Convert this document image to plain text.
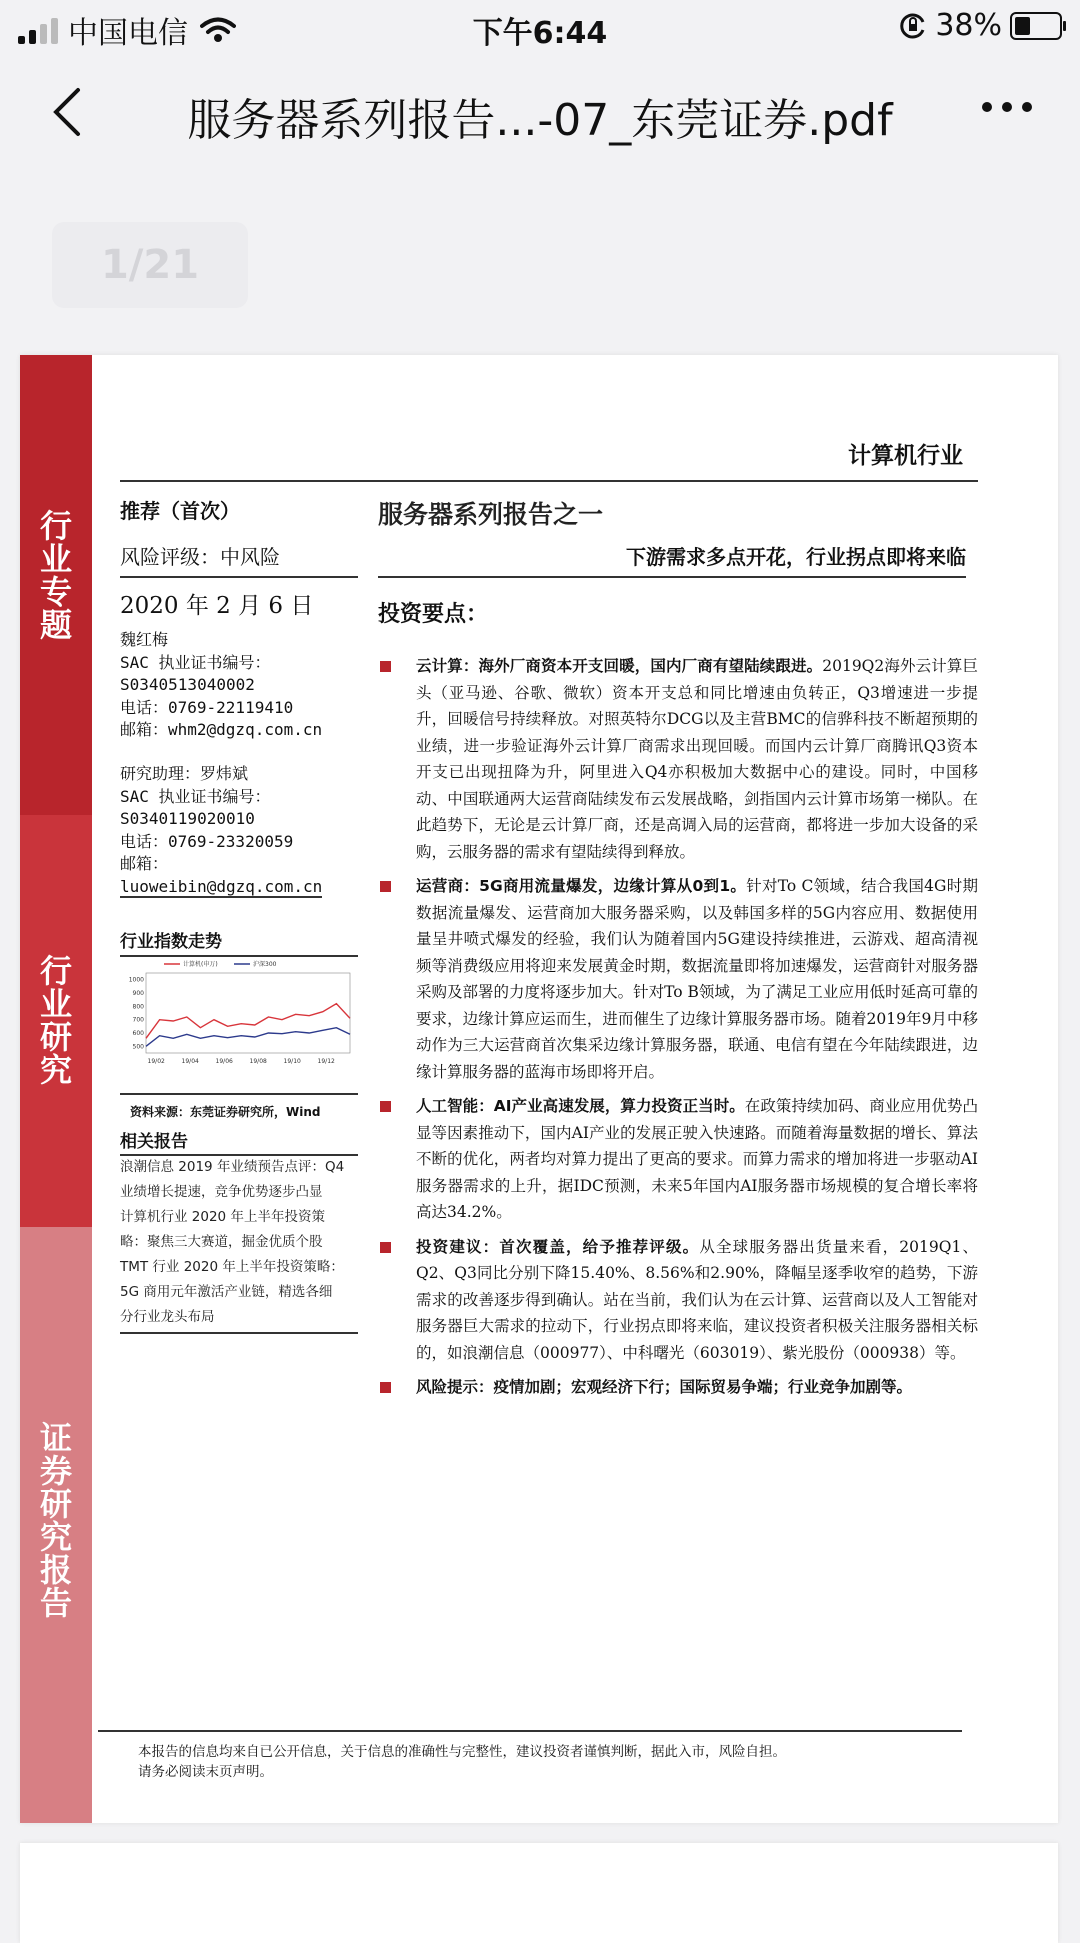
中国电信	下午6:44	38%
服务器系列报告...-07_东莞证券.pdf
1/21
行
业
专
题
行
业
研
究
证
券
研
究
报
告
计算机行业
推荐（首次）
风险评级：中风险
2020 年 2 月 6 日
魏红梅
SAC 执业证书编号：
S0340513040002
电话：0769-22119410
邮箱：whm2@dgzq.com.cn
研究助理：罗炜斌
SAC 执业证书编号：
S0340119020010
电话：0769-23320059
邮箱：
luoweibin@dgzq.com.cn
行业指数走势
500
600
700
800
900
1000
19/02	19/04	19/06	19/08	19/10	19/12
计算机(申万)	沪深300
资料来源：东莞证券研究所，Wind
相关报告
浪潮信息 2019 年业绩预告点评：Q4
业绩增长提速，竞争优势逐步凸显
计算机行业 2020 年上半年投资策
略：聚焦三大赛道，掘金优质个股
TMT 行业 2020 年上半年投资策略：
5G 商用元年激活产业链，精选各细
分行业龙头布局
服务器系列报告之一
下游需求多点开花，行业拐点即将来临
投资要点：
云计算：海外厂商资本开支回暖，国内厂商有望陆续跟进。2019Q2海外云计算巨头（亚马逊、谷歌、微软）资本开支总和同比增速由负转正，Q3增速进一步提升，回暖信号持续释放。对照英特尔DCG以及主营BMC的信骅科技不断超预期的业绩，进一步验证海外云计算厂商需求出现回暖。而国内云计算厂商腾讯Q3资本开支已出现扭降为升，阿里进入Q4亦积极加大数据中心的建设。同时，中国移动、中国联通两大运营商陆续发布云发展战略，剑指国内云计算市场第一梯队。在此趋势下，无论是云计算厂商，还是高调入局的运营商，都将进一步加大设备的采购，云服务器的需求有望陆续得到释放。
运营商：5G商用流量爆发，边缘计算从0到1。针对To C领域，结合我国4G时期数据流量爆发、运营商加大服务器采购，以及韩国多样的5G内容应用、数据使用量呈井喷式爆发的经验，我们认为随着国内5G建设持续推进，云游戏、超高清视频等消费级应用将迎来发展黄金时期，数据流量即将加速爆发，运营商针对服务器采购及部署的力度将逐步加大。针对To B领域，为了满足工业应用低时延高可靠的要求，边缘计算应运而生，进而催生了边缘计算服务器市场。随着2019年9月中移动作为三大运营商首次集采边缘计算服务器，联通、电信有望在今年陆续跟进，边缘计算服务器的蓝海市场即将开启。
人工智能：AI产业高速发展，算力投资正当时。在政策持续加码、商业应用优势凸显等因素推动下，国内AI产业的发展正驶入快速路。而随着海量数据的增长、算法不断的优化，两者均对算力提出了更高的要求。而算力需求的增加将进一步驱动AI服务器需求的上升，据IDC预测，未来5年国内AI服务器市场规模的复合增长率将高达34.2%。
投资建议：首次覆盖，给予推荐评级。从全球服务器出货量来看，2019Q1、Q2、Q3同比分别下降15.40%、8.56%和2.90%，降幅呈逐季收窄的趋势，下游需求的改善逐步得到确认。站在当前，我们认为在云计算、运营商以及人工智能对服务器巨大需求的拉动下，行业拐点即将来临，建议投资者积极关注服务器相关标的，如浪潮信息（000977）、中科曙光（603019）、紫光股份（000938）等。
风险提示：疫情加剧；宏观经济下行；国际贸易争端；行业竞争加剧等。
本报告的信息均来自已公开信息，关于信息的准确性与完整性，建议投资者谨慎判断，据此入市，风险自担。
请务必阅读末页声明。
